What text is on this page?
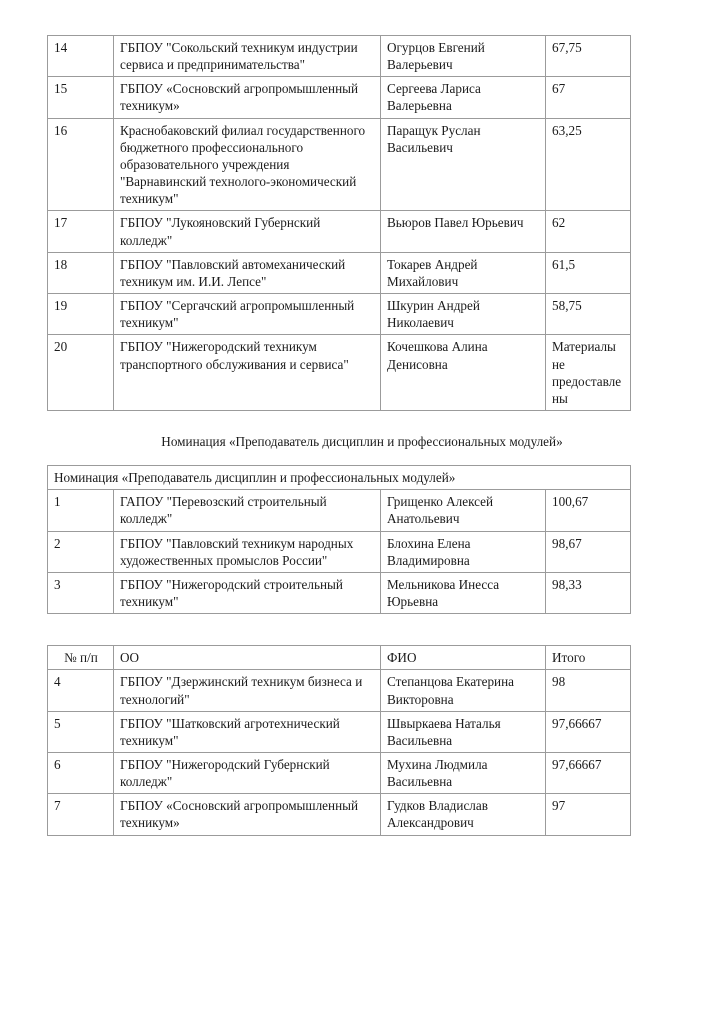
14	ГБПОУ "Сокольский техникум индустрии сервиса и предпринимательства"	Огурцов Евгений Валерьевич	67,75
15	ГБПОУ «Сосновский агропромышленный техникум»	Сергеева Лариса Валерьевна	67
16	Краснобаковский филиал государственного бюджетного профессионального образовательного учреждения "Варнавинский технолого-экономический техникум"	Паращук Руслан Васильевич	63,25
17	ГБПОУ "Лукояновский Губернский колледж"	Вьюров Павел Юрьевич	62
18	ГБПОУ "Павловский автомеханический техникум им. И.И. Лепсе"	Токарев Андрей Михайлович	61,5
19	ГБПОУ "Сергачский агропромышленный техникум"	Шкурин Андрей Николаевич	58,75
20	ГБПОУ "Нижегородский техникум транспортного обслуживания и сервиса"	Кочешкова Алина Денисовна	Материалы не предоставлены

Номинация «Преподаватель дисциплин и профессиональных модулей»

Номинация «Преподаватель дисциплин и профессиональных модулей»			
1	ГАПОУ "Перевозский строительный колледж"	Грищенко Алексей Анатольевич	100,67
2	ГБПОУ "Павловский техникум народных художественных промыслов России"	Блохина Елена Владимировна	98,67
3	ГБПОУ "Нижегородский строительный техникум"	Мельникова Инесса Юрьевна	98,33
№ п/п	ОО	ФИО	Итого
4	ГБПОУ "Дзержинский техникум бизнеса и технологий"	Степанцова Екатерина Викторовна	98
5	ГБПОУ "Шатковский агротехнический техникум"	Швыркаева Наталья Васильевна	97,66667
6	ГБПОУ "Нижегородский Губернский колледж"	Мухина Людмила Васильевна	97,66667
7	ГБПОУ «Сосновский агропромышленный техникум»	Гудков Владислав Александрович	97
